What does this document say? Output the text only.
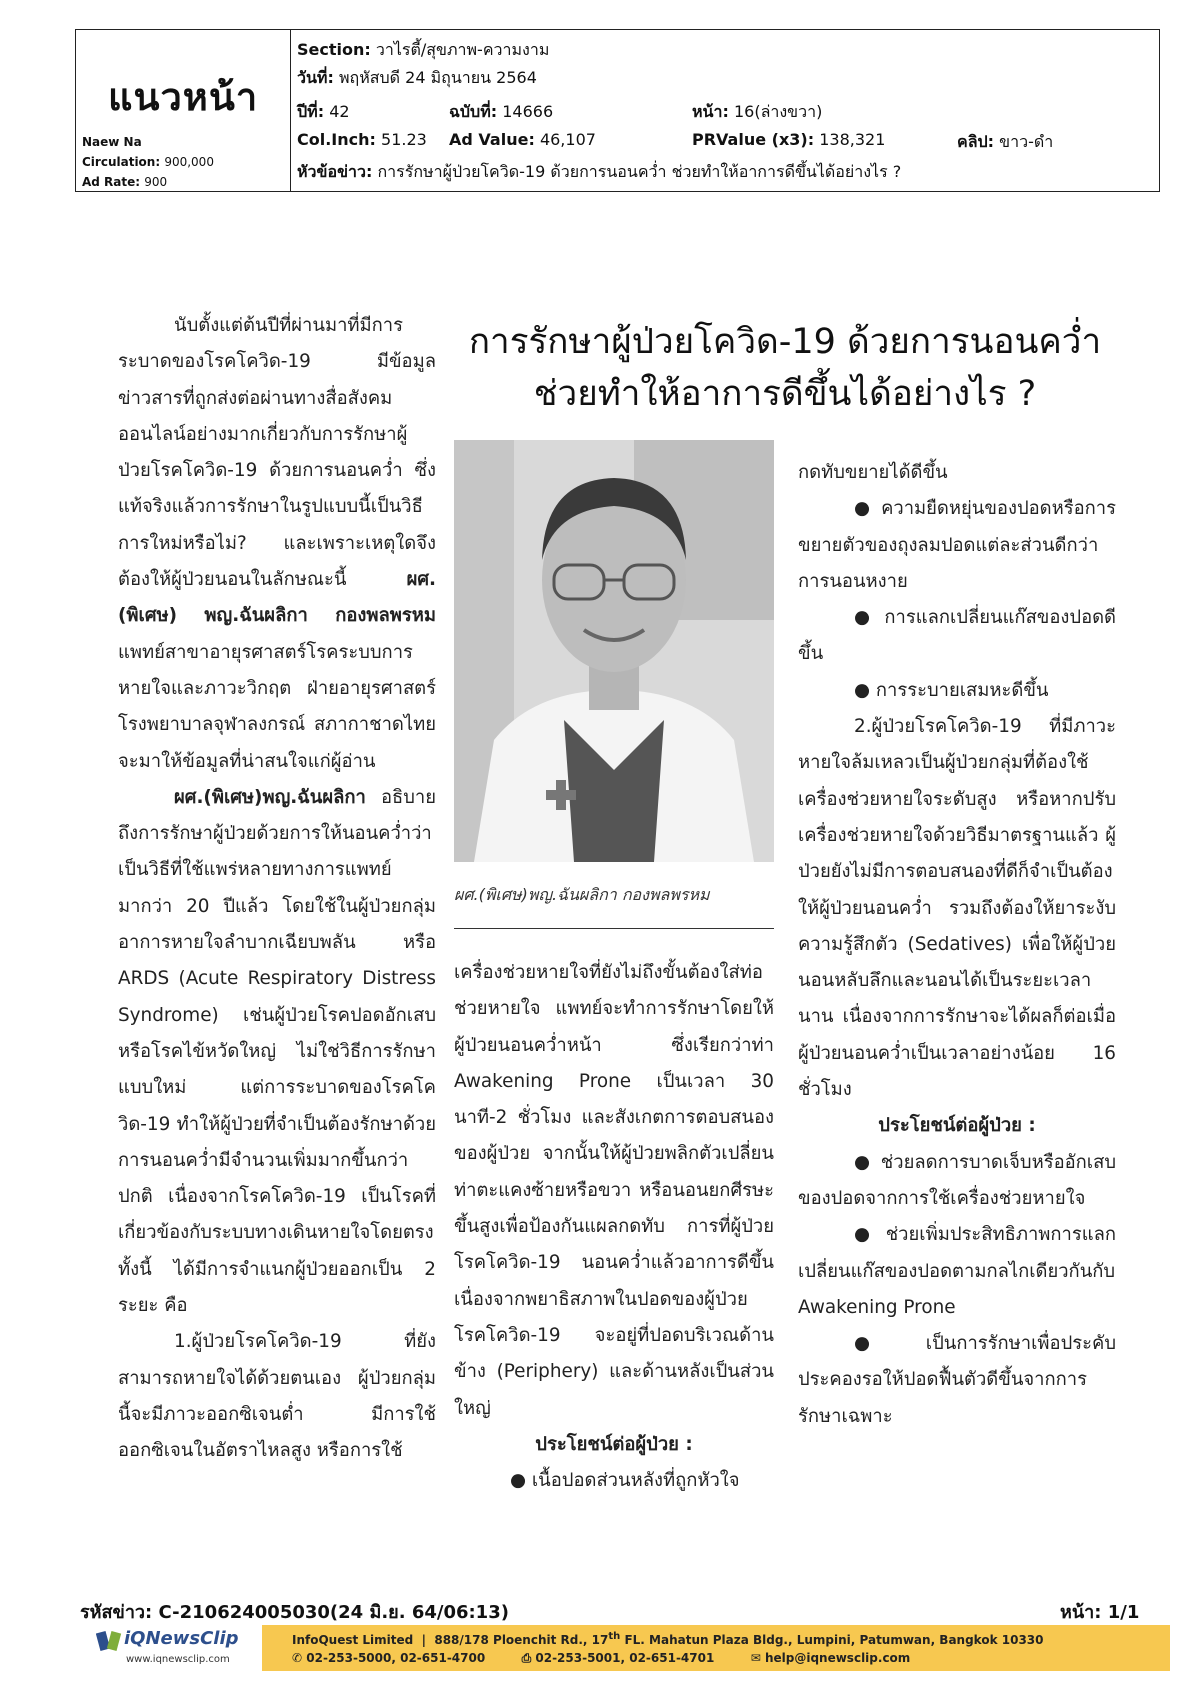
แนวหน้า
Naew Na
Circulation: 900,000
Ad Rate: 900
Section: วาไรตี้/สุขภาพ-ความงาม
วันที่: พฤหัสบดี 24 มิถุนายน 2564
ปีที่: 42	ฉบับที่: 14666	หน้า: 16(ล่างขวา)
Col.Inch: 51.23 Ad Value: 46,107	PRValue (x3): 138,321	คลิป: ขาว-ดำ
หัวข้อข่าว: การรักษาผู้ป่วยโควิด-19 ด้วยการนอนคว่ำ ช่วยทำให้อาการดีขึ้นได้อย่างไร ?
การรักษาผู้ป่วยโควิด-19 ด้วยการนอนคว่ำ
ช่วยทำให้อาการดีขึ้นได้อย่างไร ?

นับตั้งแต่ต้นปีที่ผ่านมาที่มีการระบาดของโรคโควิด-19 มีข้อมูลข่าวสารที่ถูกส่งต่อผ่านทางสื่อสังคมออนไลน์อย่างมากเกี่ยวกับการรักษาผู้ป่วยโรคโควิด-19 ด้วยการนอนคว่ำ ซึ่งแท้จริงแล้วการรักษาในรูปแบบนี้เป็นวิธีการใหม่หรือไม่? และเพราะเหตุใดจึงต้องให้ผู้ป่วยนอนในลักษณะนี้	ผศ.(พิเศษ) พญ.ฉันผลิกา กองพลพรหม แพทย์สาขาอายุรศาสตร์โรคระบบการหายใจและภาวะวิกฤต ฝ่ายอายุรศาสตร์ โรงพยาบาลจุฬาลงกรณ์ สภากาชาดไทย จะมาให้ข้อมูลที่น่าสนใจแก่ผู้อ่าน

ผศ.(พิเศษ)พญ.ฉันผลิกา อธิบายถึงการรักษาผู้ป่วยด้วยการให้นอนคว่ำว่าเป็นวิธีที่ใช้แพร่หลายทางการแพทย์มากว่า 20 ปีแล้ว โดยใช้ในผู้ป่วยกลุ่มอาการหายใจลำบากเฉียบพลัน หรือ ARDS (Acute Respiratory Distress Syndrome) เช่นผู้ป่วยโรคปอดอักเสบหรือโรคไข้หวัดใหญ่ ไม่ใช่วิธีการรักษาแบบใหม่ แต่การระบาดของโรคโควิด-19 ทำให้ผู้ป่วยที่จำเป็นต้องรักษาด้วยการนอนคว่ำมีจำนวนเพิ่มมากขึ้นกว่าปกติ เนื่องจากโรคโควิด-19 เป็นโรคที่เกี่ยวข้องกับระบบทางเดินหายใจโดยตรง ทั้งนี้ ได้มีการจำแนกผู้ป่วยออกเป็น 2 ระยะ คือ

1.ผู้ป่วยโรคโควิด-19 ที่ยังสามารถหายใจได้ด้วยตนเอง ผู้ป่วยกลุ่มนี้จะมีภาวะออกซิเจนต่ำ มีการใช้ออกซิเจนในอัตราไหลสูง หรือการใช้

ผศ.(พิเศษ)พญ.ฉันผลิกา กองพลพรหม

เครื่องช่วยหายใจที่ยังไม่ถึงขั้นต้องใส่ท่อช่วยหายใจ แพทย์จะทำการรักษาโดยให้ผู้ป่วยนอนคว่ำหน้า ซึ่งเรียกว่าท่า Awakening Prone เป็นเวลา 30 นาที-2 ชั่วโมง และสังเกตการตอบสนองของผู้ป่วย จากนั้นให้ผู้ป่วยพลิกตัวเปลี่ยนท่าตะแคงซ้ายหรือขวา หรือนอนยกศีรษะขึ้นสูงเพื่อป้องกันแผลกดทับ การที่ผู้ป่วยโรคโควิด-19 นอนคว่ำแล้วอาการดีขึ้นเนื่องจากพยาธิสภาพในปอดของผู้ป่วยโรคโควิด-19 จะอยู่ที่ปอดบริเวณด้านข้าง (Periphery) และด้านหลังเป็นส่วนใหญ่

ประโยชน์ต่อผู้ป่วย :

● เนื้อปอดส่วนหลังที่ถูกหัวใจ

กดทับขยายได้ดีขึ้น

● ความยืดหยุ่นของปอดหรือการขยายตัวของถุงลมปอดแต่ละส่วนดีกว่าการนอนหงาย

● การแลกเปลี่ยนแก๊สของปอดดีขึ้น

● การระบายเสมหะดีขึ้น

2.ผู้ป่วยโรคโควิด-19 ที่มีภาวะหายใจล้มเหลวเป็นผู้ป่วยกลุ่มที่ต้องใช้เครื่องช่วยหายใจระดับสูง หรือหากปรับเครื่องช่วยหายใจด้วยวิธีมาตรฐานแล้ว ผู้ป่วยยังไม่มีการตอบสนองที่ดีก็จำเป็นต้องให้ผู้ป่วยนอนคว่ำ รวมถึงต้องให้ยาระงับความรู้สึกตัว (Sedatives) เพื่อให้ผู้ป่วยนอนหลับลึกและนอนได้เป็นระยะเวลานาน เนื่องจากการรักษาจะได้ผลก็ต่อเมื่อผู้ป่วยนอนคว่ำเป็นเวลาอย่างน้อย 16 ชั่วโมง

ประโยชน์ต่อผู้ป่วย :

● ช่วยลดการบาดเจ็บหรืออักเสบของปอดจากการใช้เครื่องช่วยหายใจ

● ช่วยเพิ่มประสิทธิภาพการแลกเปลี่ยนแก๊สของปอดตามกลไกเดียวกันกับ Awakening Prone

● เป็นการรักษาเพื่อประคับประคองรอให้ปอดฟื้นตัวดีขึ้นจากการรักษาเฉพาะ

รหัสข่าว: C-210624005030(24 มิ.ย. 64/06:13)	หน้า: 1/1
iQNewsClip
www.iqnewsclip.com
InfoQuest Limited  |  888/178 Ploenchit Rd., 17th FL. Mahatun Plaza Bldg., Lumpini, Patumwan, Bangkok 10330
✆ 02-253-5000, 02-651-4700	⎙ 02-253-5001, 02-651-4701	✉ help@iqnewsclip.com
